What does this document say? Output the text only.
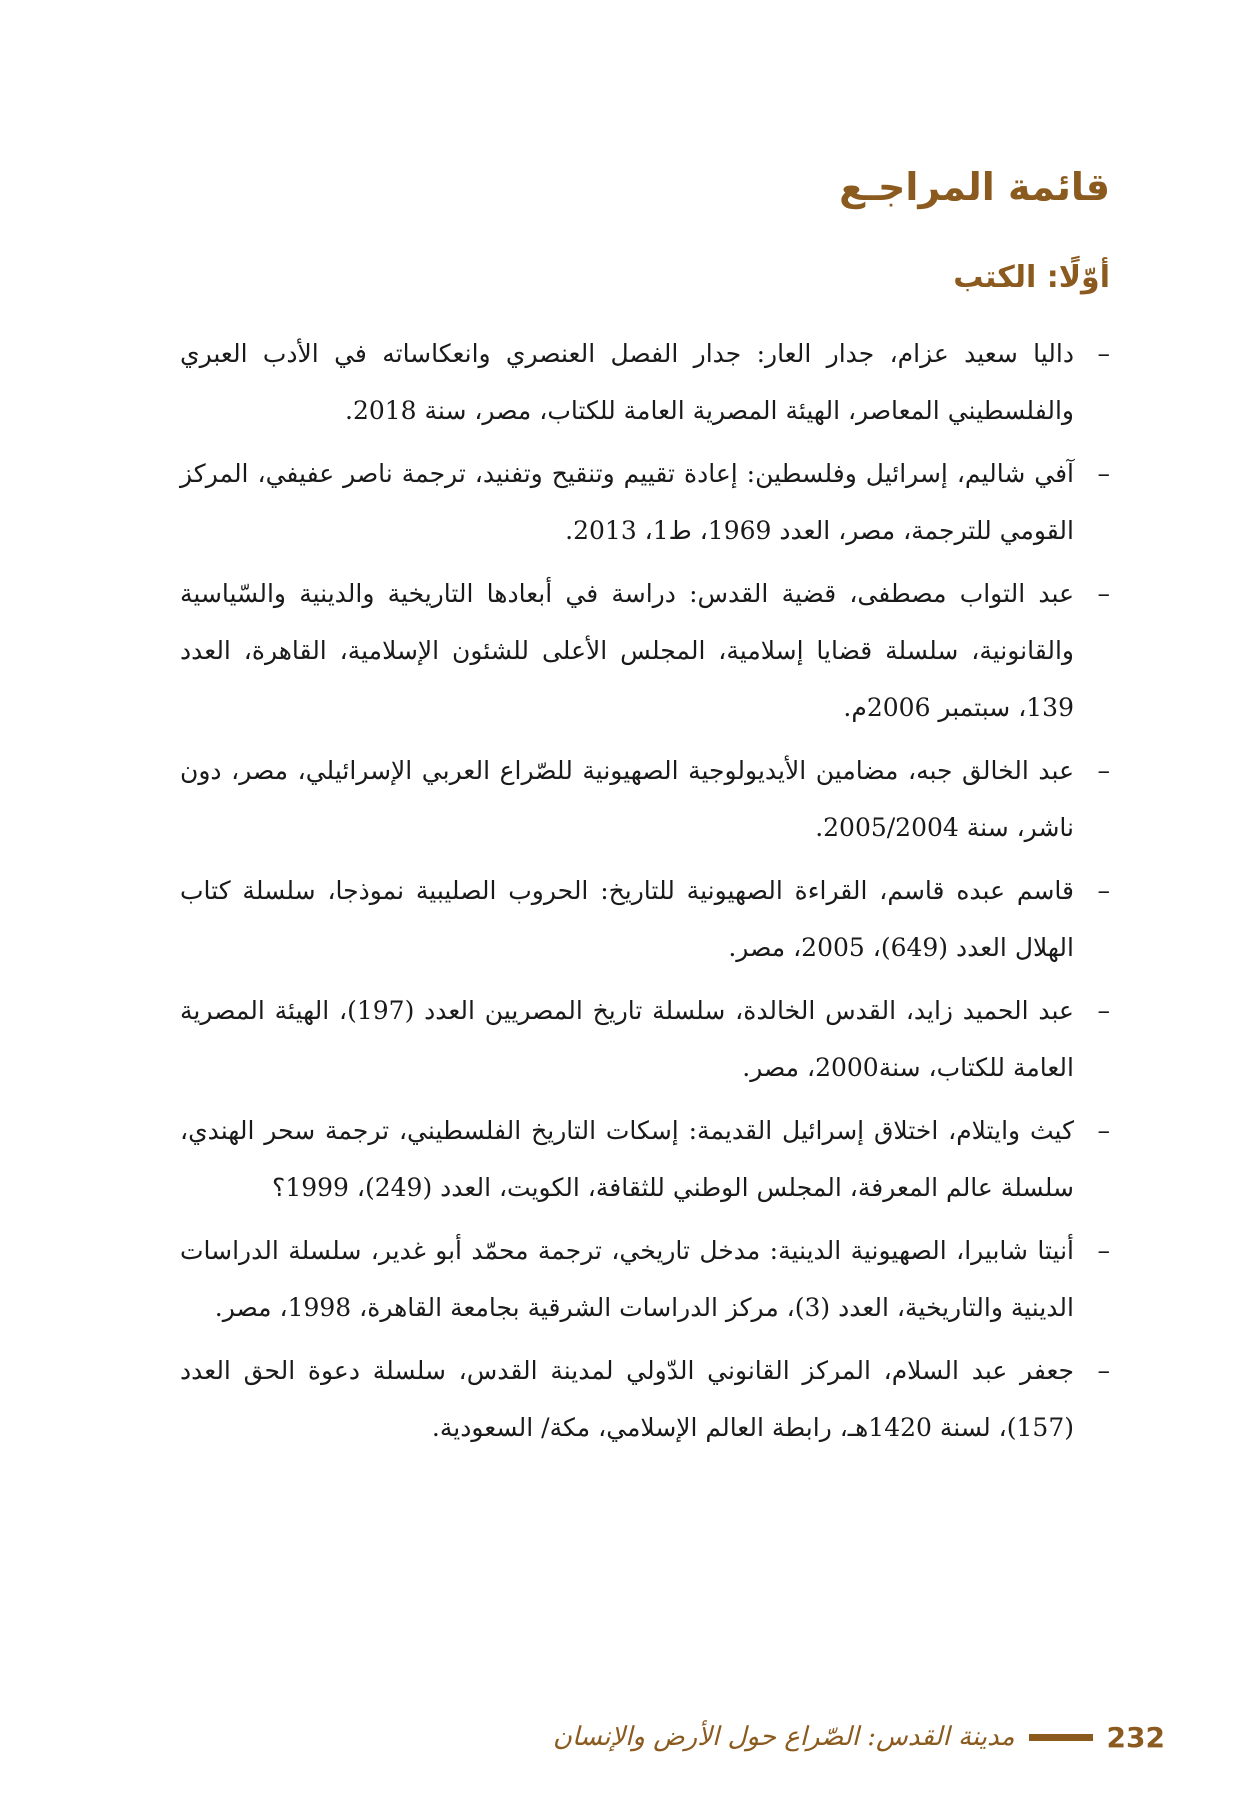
قائمة المراجـع
أوّلًا: الكتب
–
داليا سعيد عزام، جدار العار: جدار الفصل العنصري وانعكاساته في الأدب العبري والفلسطيني المعاصر، الهيئة المصرية العامة للكتاب، مصر، سنة 2018.
–
آفي شاليم، إسرائيل وفلسطين: إعادة تقييم وتنقيح وتفنيد، ترجمة ناصر عفيفي، المركز القومي للترجمة، مصر، العدد 1969، ط1، 2013.
–
عبد التواب مصطفى، قضية القدس: دراسة في أبعادها التاريخية والدينية والسّياسية والقانونية، سلسلة قضايا إسلامية، المجلس الأعلى للشئون الإسلامية، القاهرة، العدد 139، سبتمبر 2006م.
–
عبد الخالق جبه، مضامين الأيديولوجية الصهيونية للصّراع العربي الإسرائيلي، مصر، دون ناشر، سنة 2005/2004.
–
قاسم عبده قاسم، القراءة الصهيونية للتاريخ: الحروب الصليبية نموذجا، سلسلة كتاب الهلال العدد (649)، 2005، مصر.
–
عبد الحميد زايد، القدس الخالدة، سلسلة تاريخ المصريين العدد (197)، الهيئة المصرية العامة للكتاب، سنة2000، مصر.
–
كيث وايتلام، اختلاق إسرائيل القديمة: إسكات التاريخ الفلسطيني، ترجمة سحر الهندي، سلسلة عالم المعرفة، المجلس الوطني للثقافة، الكويت، العدد (249)، 1999؟
–
أنيتا شابيرا، الصهيونية الدينية: مدخل تاريخي، ترجمة محمّد أبو غدير، سلسلة الدراسات الدينية والتاريخية، العدد (3)، مركز الدراسات الشرقية بجامعة القاهرة، 1998، مصر.
–
جعفر عبد السلام، المركز القانوني الدّولي لمدينة القدس، سلسلة دعوة الحق العدد (157)، لسنة 1420هـ، رابطة العالم الإسلامي، مكة/ السعودية.
232
مدينة القدس: الصّراع حول الأرض والإنسان
